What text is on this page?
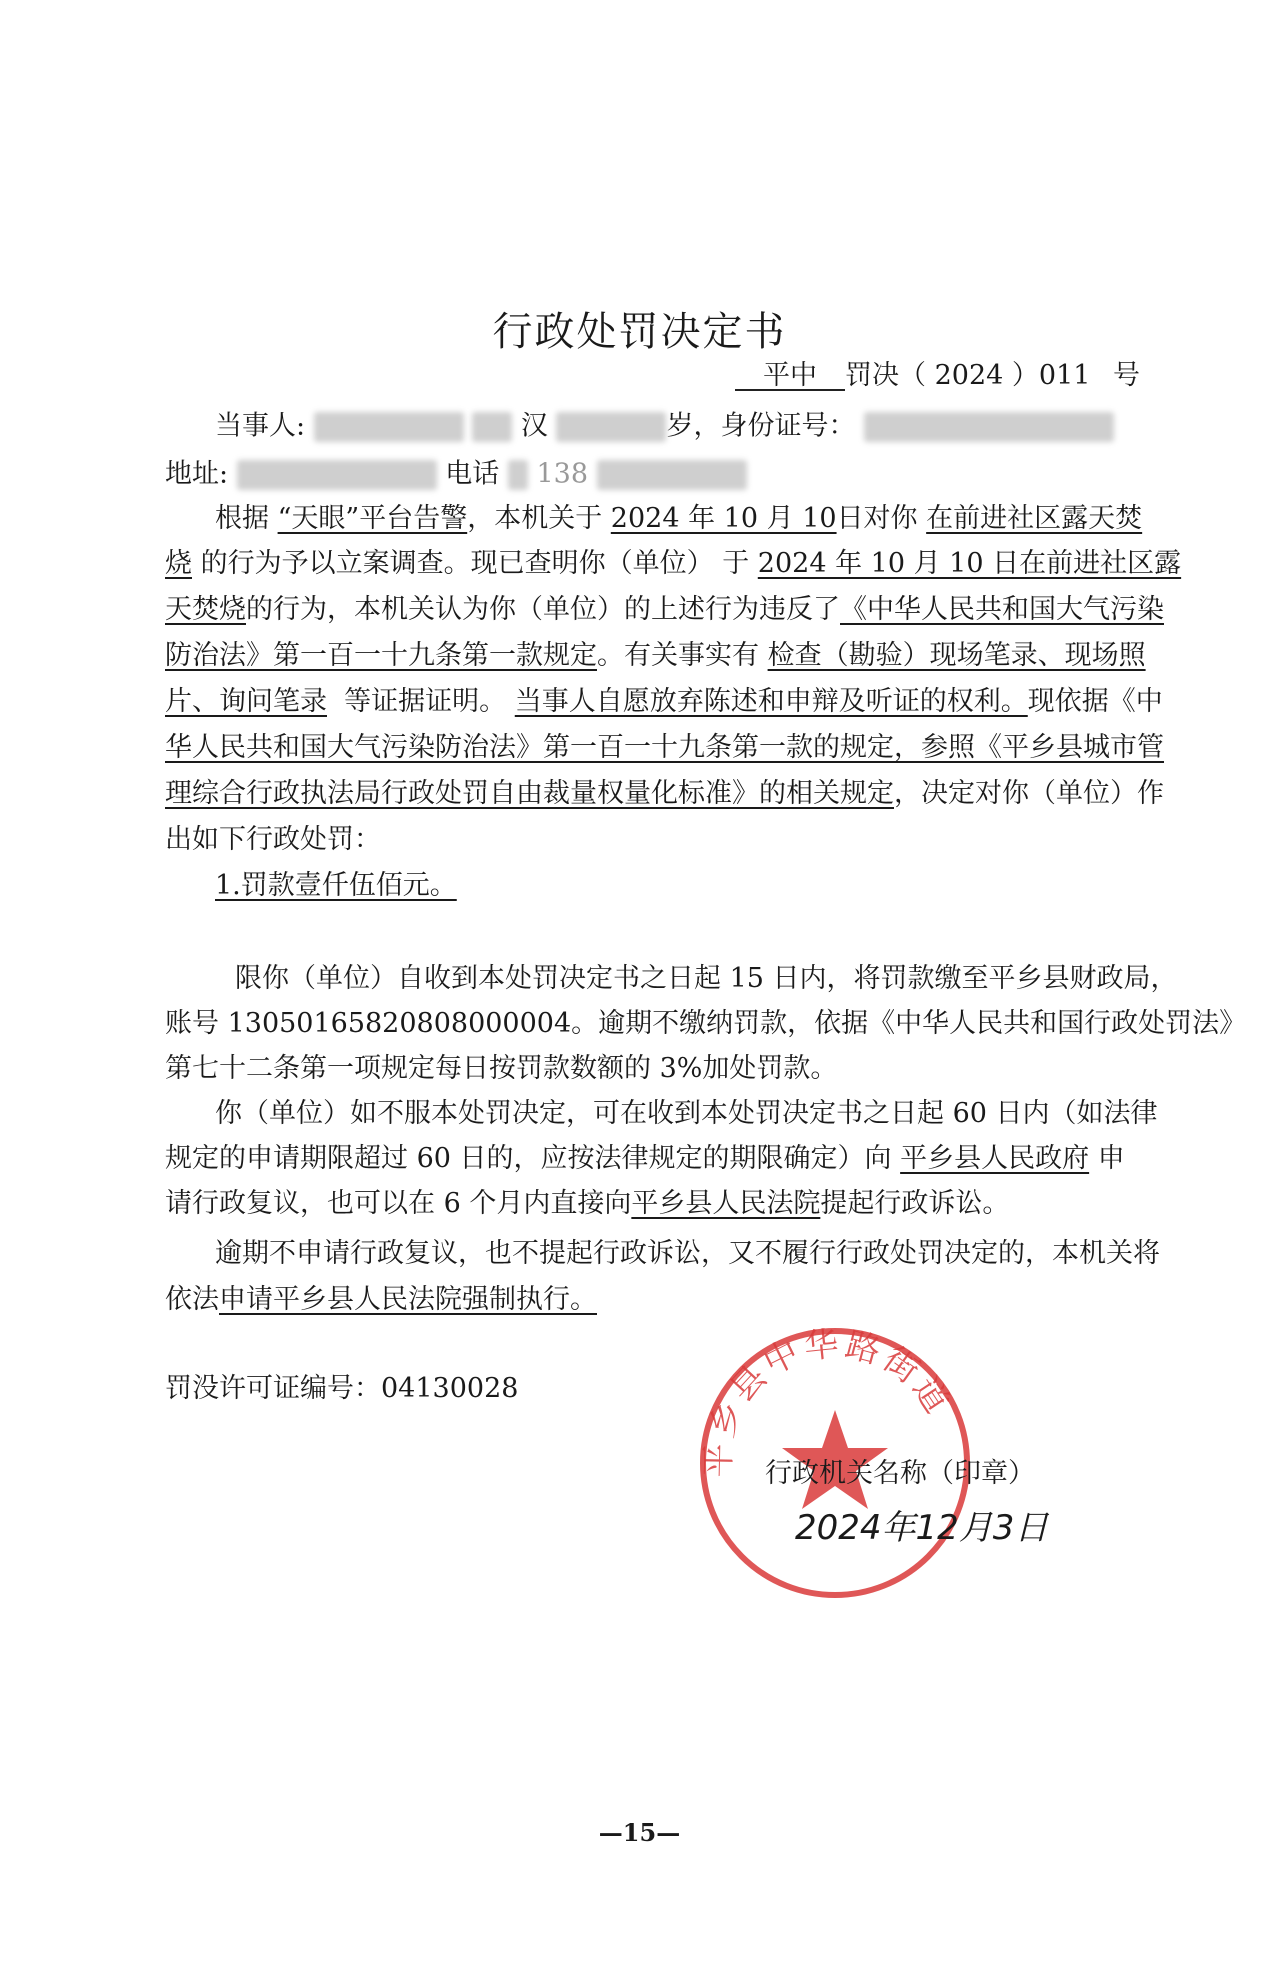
行政处罚决定书
平中 罚决（ 2024 ）011 号
当事人:	汉	岁，身份证号：
地址:	电话 138
根据 “天眼”平台告警，本机关于 2024 年 10 月 10日对你 在前进社区露天焚
烧 的行为予以立案调查。现已查明你（单位） 于 2024 年 10 月 10 日在前进社区露
天焚烧的行为，本机关认为你（单位）的上述行为违反了《中华人民共和国大气污染
防治法》第一百一十九条第一款规定。有关事实有 检查（勘验）现场笔录、现场照
片、询问笔录 等证据证明。 当事人自愿放弃陈述和申辩及听证的权利。现依据《中
华人民共和国大气污染防治法》第一百一十九条第一款的规定，参照《平乡县城市管
理综合行政执法局行政处罚自由裁量权量化标准》的相关规定，决定对你（单位）作
出如下行政处罚：
1.罚款壹仟伍佰元。
限你（单位）自收到本处罚决定书之日起 15 日内，将罚款缴至平乡县财政局，
账号 13050165820808000004。逾期不缴纳罚款，依据《中华人民共和国行政处罚法》
第七十二条第一项规定每日按罚款数额的 3%加处罚款。
你（单位）如不服本处罚决定，可在收到本处罚决定书之日起 60 日内（如法律
规定的申请期限超过 60 日的，应按法律规定的期限确定）向 平乡县人民政府 申
请行政复议，也可以在 6 个月内直接向平乡县人民法院提起行政诉讼。
逾期不申请行政复议，也不提起行政诉讼，又不履行行政处罚决定的，本机关将
依法申请平乡县人民法院强制执行。
罚没许可证编号：04130028
平乡县中华路街道
行政机关名称（印章）
2024年12月3日
—15—
